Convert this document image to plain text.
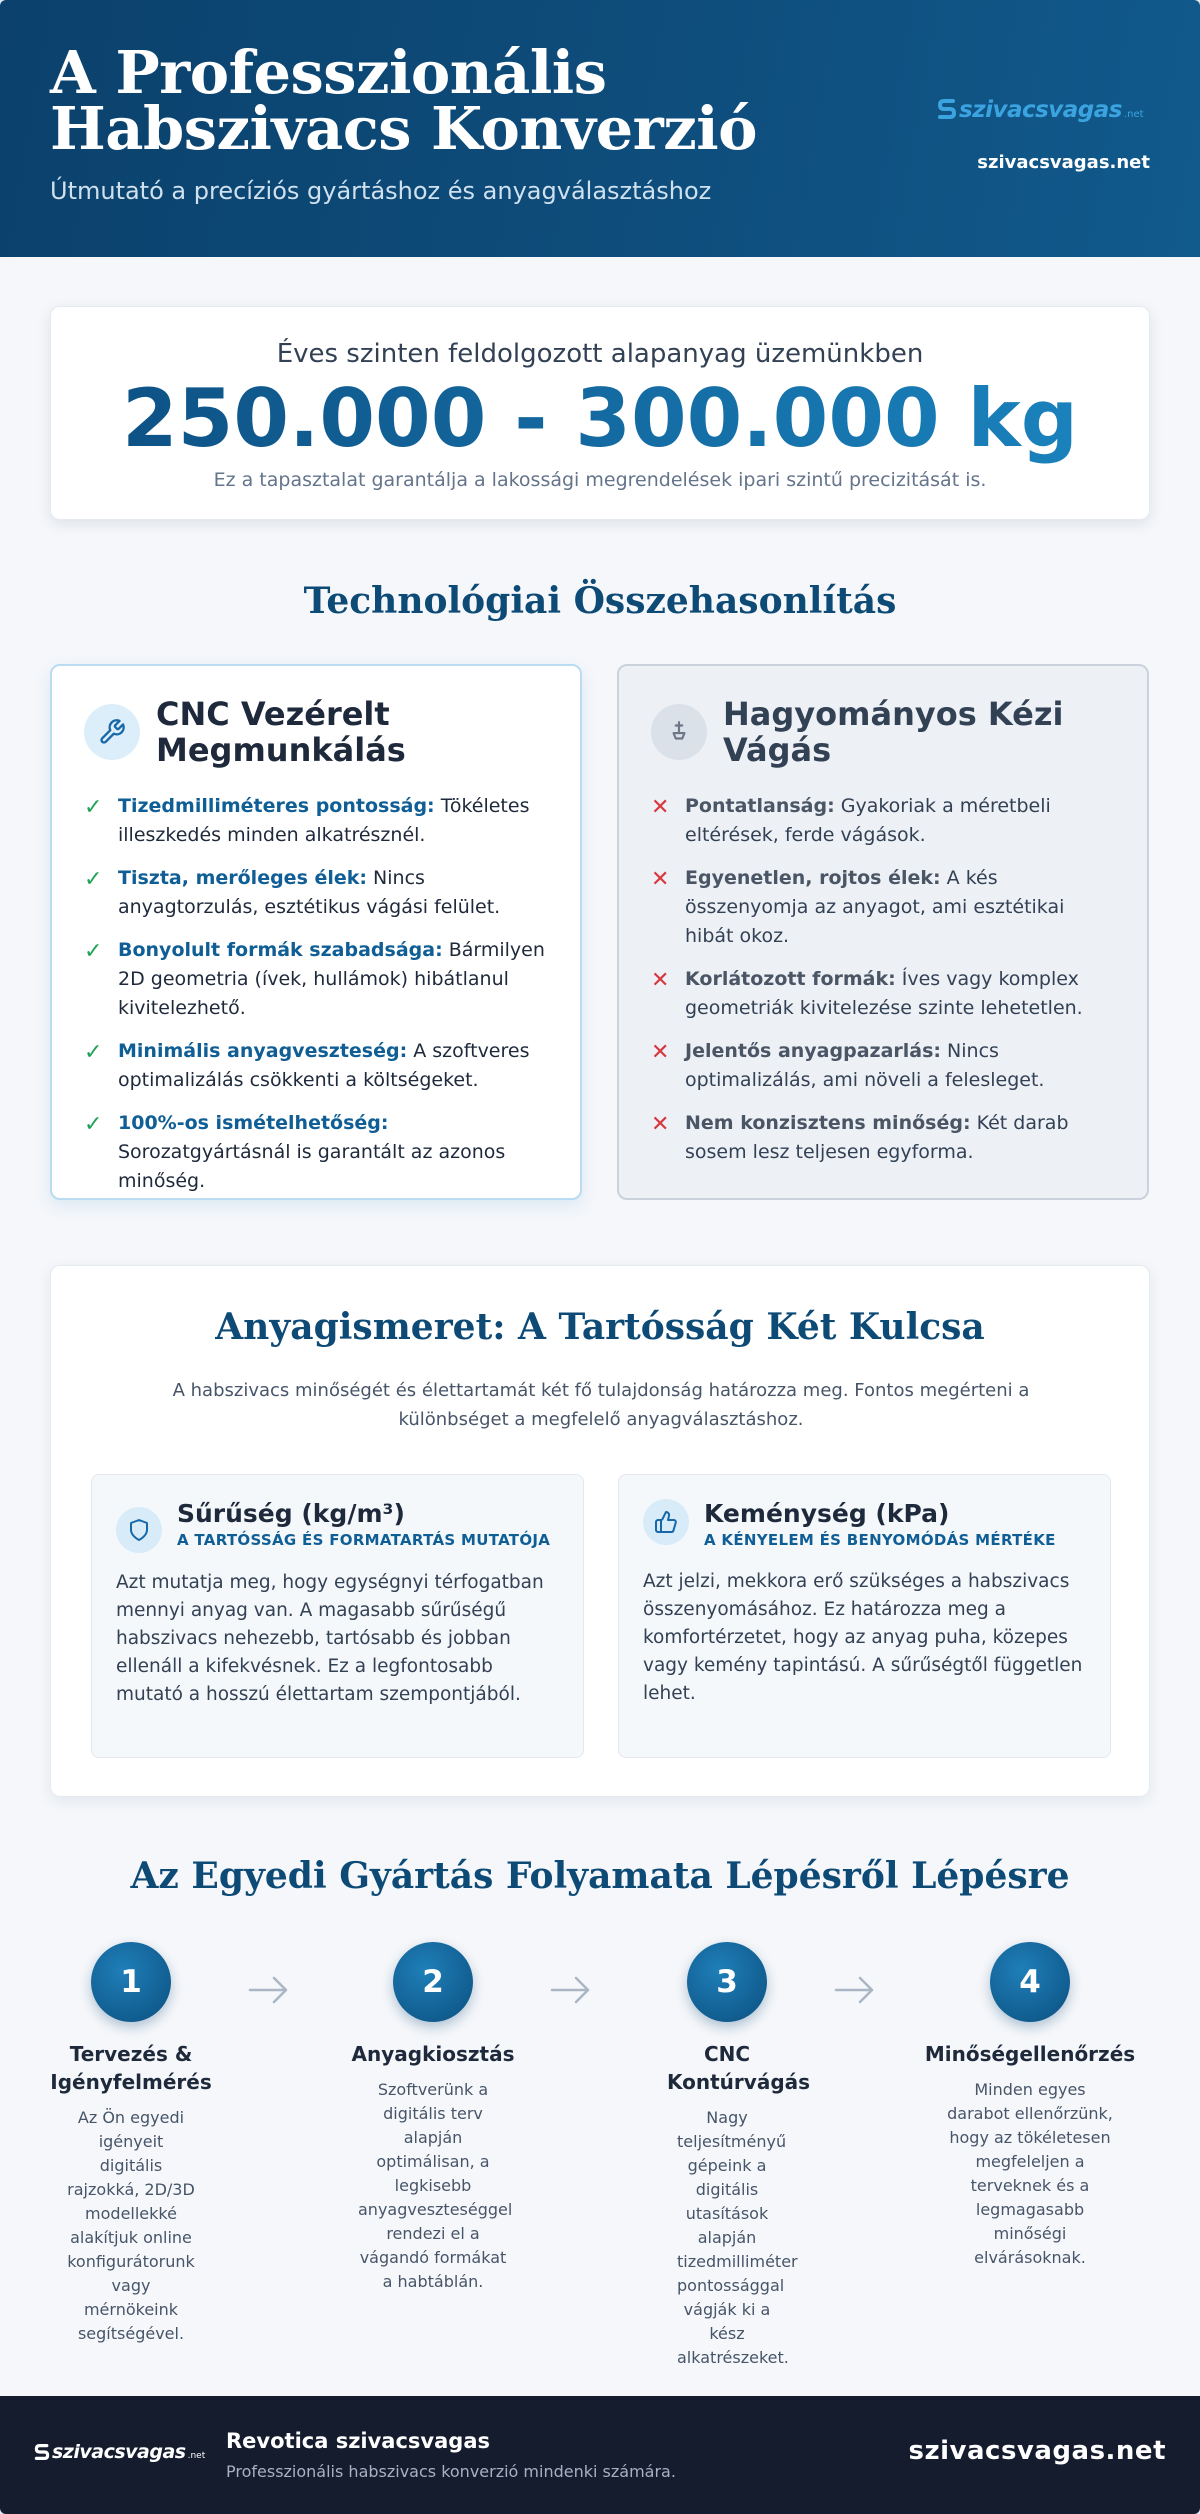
A Professzionális Habszivacs Konverzió
Útmutató a precíziós gyártáshoz és anyagválasztáshoz
szivacsvagas .net
szivacsvagas.net
Éves szinten feldolgozott alapanyag üzemünkben
250.000 - 300.000 kg
Ez a tapasztalat garantálja a lakossági megrendelések ipari szintű precizitását is.
Technológiai Összehasonlítás
CNC Vezérelt Megmunkálás
✓ Tizedmilliméteres pontosság: Tökéletes illeszkedés minden alkatrésznél.
✓ Tiszta, merőleges élek: Nincs anyagtorzulás, esztétikus vágási felület.
✓ Bonyolult formák szabadsága: Bármilyen 2D geometria (ívek, hullámok) hibátlanul kivitelezhető.
✓ Minimális anyagveszteség: A szoftveres optimalizálás csökkenti a költségeket.
✓ 100%-os ismételhetőség: Sorozatgyártásnál is garantált az azonos minőség.
Hagyományos Kézi Vágás
✕ Pontatlanság: Gyakoriak a méretbeli eltérések, ferde vágások.
✕ Egyenetlen, rojtos élek: A kés összenyomja az anyagot, ami esztétikai hibát okoz.
✕ Korlátozott formák: Íves vagy komplex geometriák kivitelezése szinte lehetetlen.
✕ Jelentős anyagpazarlás: Nincs optimalizálás, ami növeli a felesleget.
✕ Nem konzisztens minőség: Két darab sosem lesz teljesen egyforma.
Anyagismeret: A Tartósság Két Kulcsa

A habszivacs minőségét és élettartamát két fő tulajdonság határozza meg. Fontos megérteni a különbséget a megfelelő anyagválasztáshoz.

Sűrűség (kg/m³)
A TARTÓSSÁG ÉS FORMATARTÁS MUTATÓJA

Azt mutatja meg, hogy egységnyi térfogatban mennyi anyag van. A magasabb sűrűségű habszivacs nehezebb, tartósabb és jobban ellenáll a kifekvésnek. Ez a legfontosabb mutató a hosszú élettartam szempontjából.

Keménység (kPa)
A KÉNYELEM ÉS BENYOMÓDÁS MÉRTÉKE

Azt jelzi, mekkora erő szükséges a habszivacs összenyomásához. Ez határozza meg a komfortérzetet, hogy az anyag puha, közepes vagy kemény tapintású. A sűrűségtől független lehet.

Az Egyedi Gyártás Folyamata Lépésről Lépésre
1
Tervezés & Igényfelmérés
Az Ön egyedi igényeit digitális rajzokká, 2D/3D modellekké alakítjuk online konfigurátorunk vagy mérnökeink segítségével.
2
Anyagkiosztás
Szoftverünk a digitális terv alapján optimálisan, a legkisebb anyagveszteséggel rendezi el a vágandó formákat a habtáblán.
3
CNC Kontúrvágás
Nagy teljesítményű gépeink a digitális utasítások alapján tizedmilliméter pontossággal vágják ki a kész alkatrészeket.
4
Minőségellenőrzés
Minden egyes darabot ellenőrzünk, hogy az tökéletesen megfeleljen a terveknek és a legmagasabb minőségi elvárásoknak.
szivacsvagas .net
Revotica szivacsvagas
Professzionális habszivacs konverzió mindenki számára.
szivacsvagas.net
